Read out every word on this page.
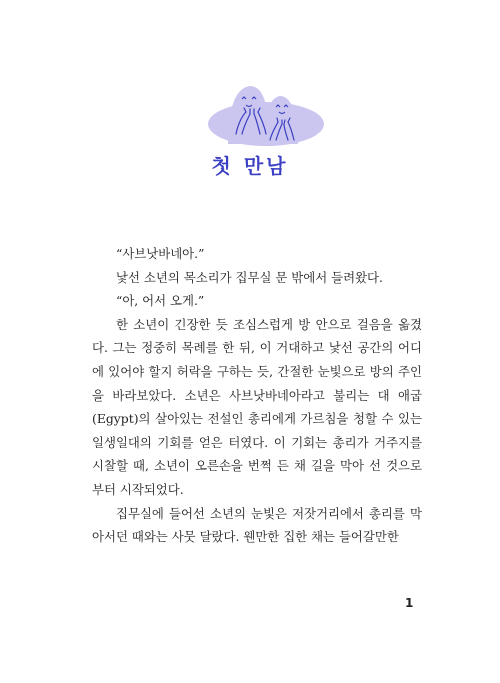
첫 만남

“사브낫바네아.”

낯선 소년의 목소리가 집무실 문 밖에서 들려왔다.

“아, 어서 오게.”

한 소년이 긴장한 듯 조심스럽게 방 안으로 걸음을 옮겼다. 그는 정중히 목례를 한 뒤, 이 거대하고 낯선 공간의 어디에 있어야 할지 허락을 구하는 듯, 간절한 눈빛으로 방의 주인을 바라보았다. 소년은 사브낫바네아라고 불리는 대 애굽(Egypt)의 살아있는 전설인 총리에게 가르침을 청할 수 있는 일생일대의 기회를 얻은 터였다. 이 기회는 총리가 거주지를 시찰할 때, 소년이 오른손을 번쩍 든 채 길을 막아 선 것으로부터 시작되었다.

집무실에 들어선 소년의 눈빛은 저잣거리에서 총리를 막아서던 때와는 사뭇 달랐다. 웬만한 집한 채는 들어갈만한

1
